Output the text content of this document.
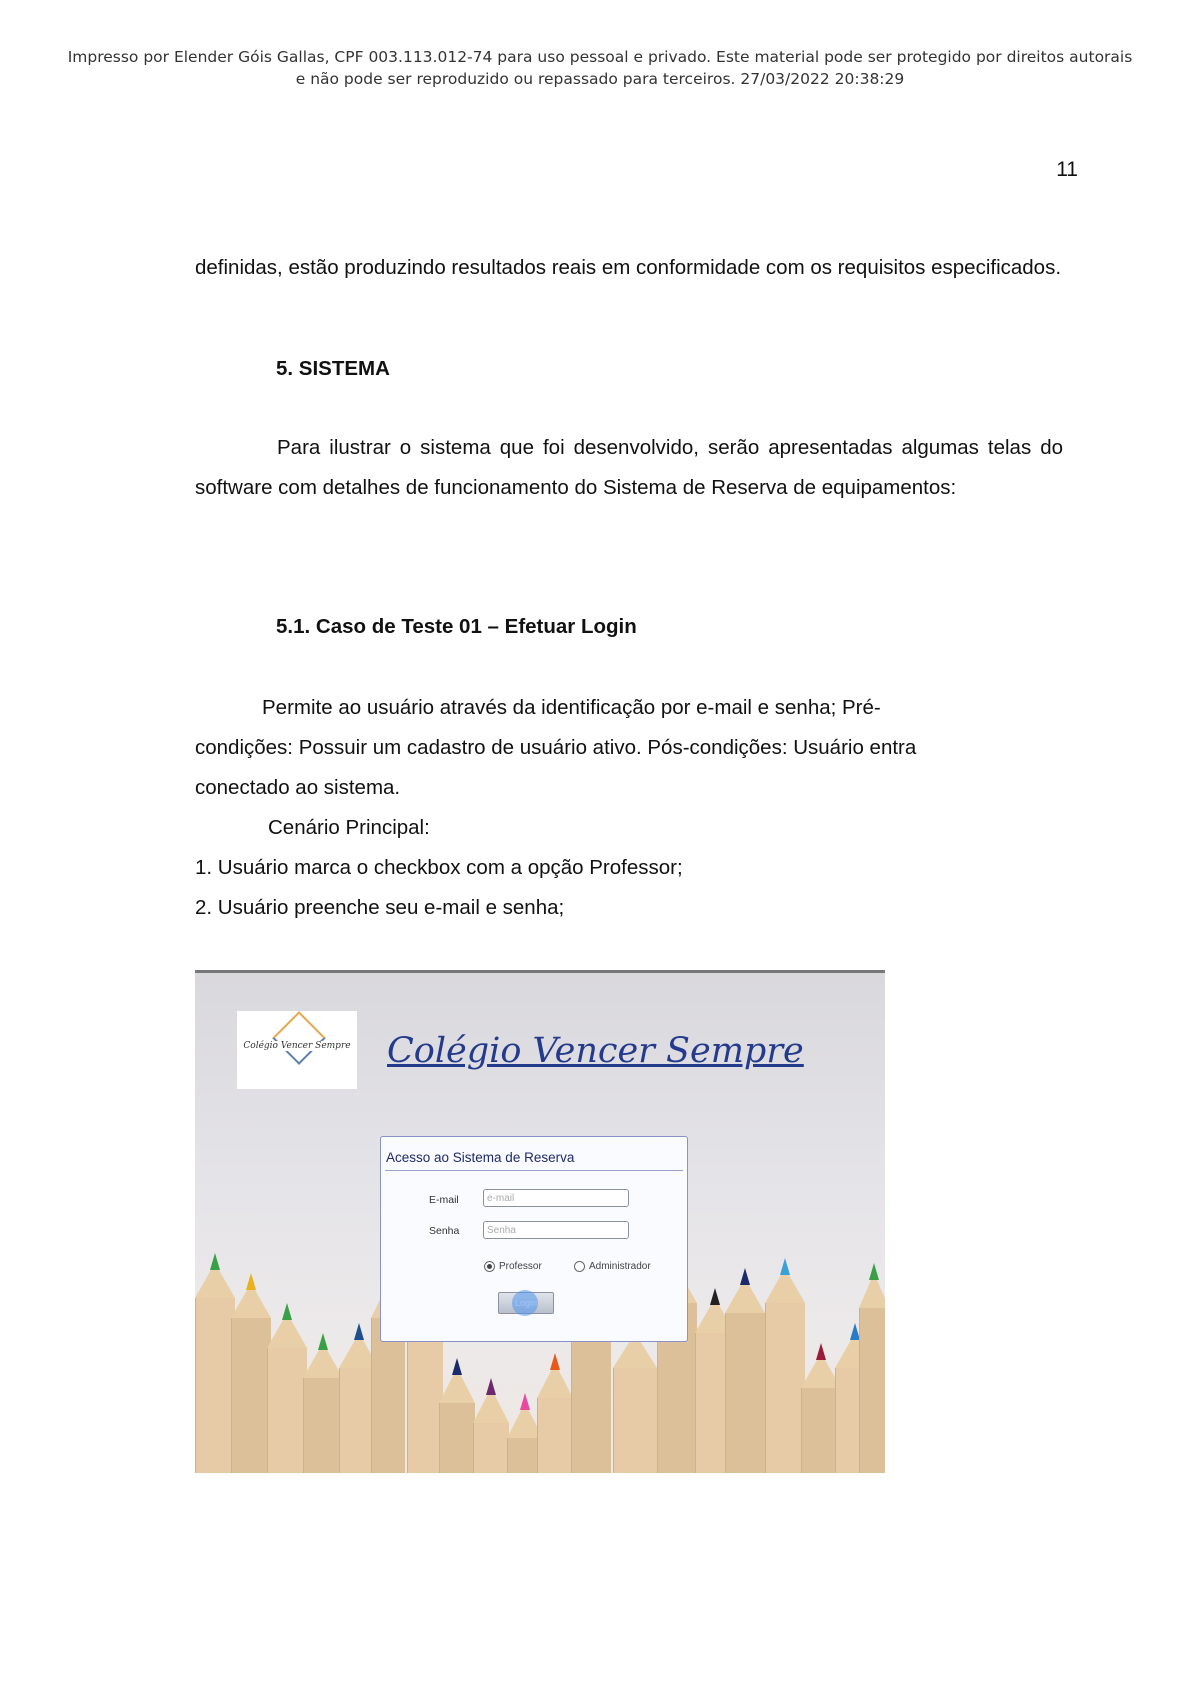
Impresso por Elender Góis Gallas, CPF 003.113.012-74 para uso pessoal e privado. Este material pode ser protegido por direitos autorais
e não pode ser reproduzido ou repassado para terceiros. 27/03/2022 20:38:29
11
definidas, estão produzindo resultados reais em conformidade com os requisitos especificados.
5. SISTEMA
Para ilustrar o sistema que foi desenvolvido, serão apresentadas algumas telas do software com detalhes de funcionamento do Sistema de Reserva de equipamentos:
5.1. Caso de Teste 01 – Efetuar Login
Permite ao usuário através da identificação por e-mail e senha; Pré-
condições: Possuir um cadastro de usuário ativo. Pós-condições: Usuário entra
conectado ao sistema.
Cenário Principal:
1. Usuário marca o checkbox com a opção Professor;
2. Usuário preenche seu e-mail e senha;
Colégio Vencer Sempre Colégio Vencer Sempre
Acesso ao Sistema de Reserva
E-mail	e-mail
Senha	Senha
Professor	Administrador
